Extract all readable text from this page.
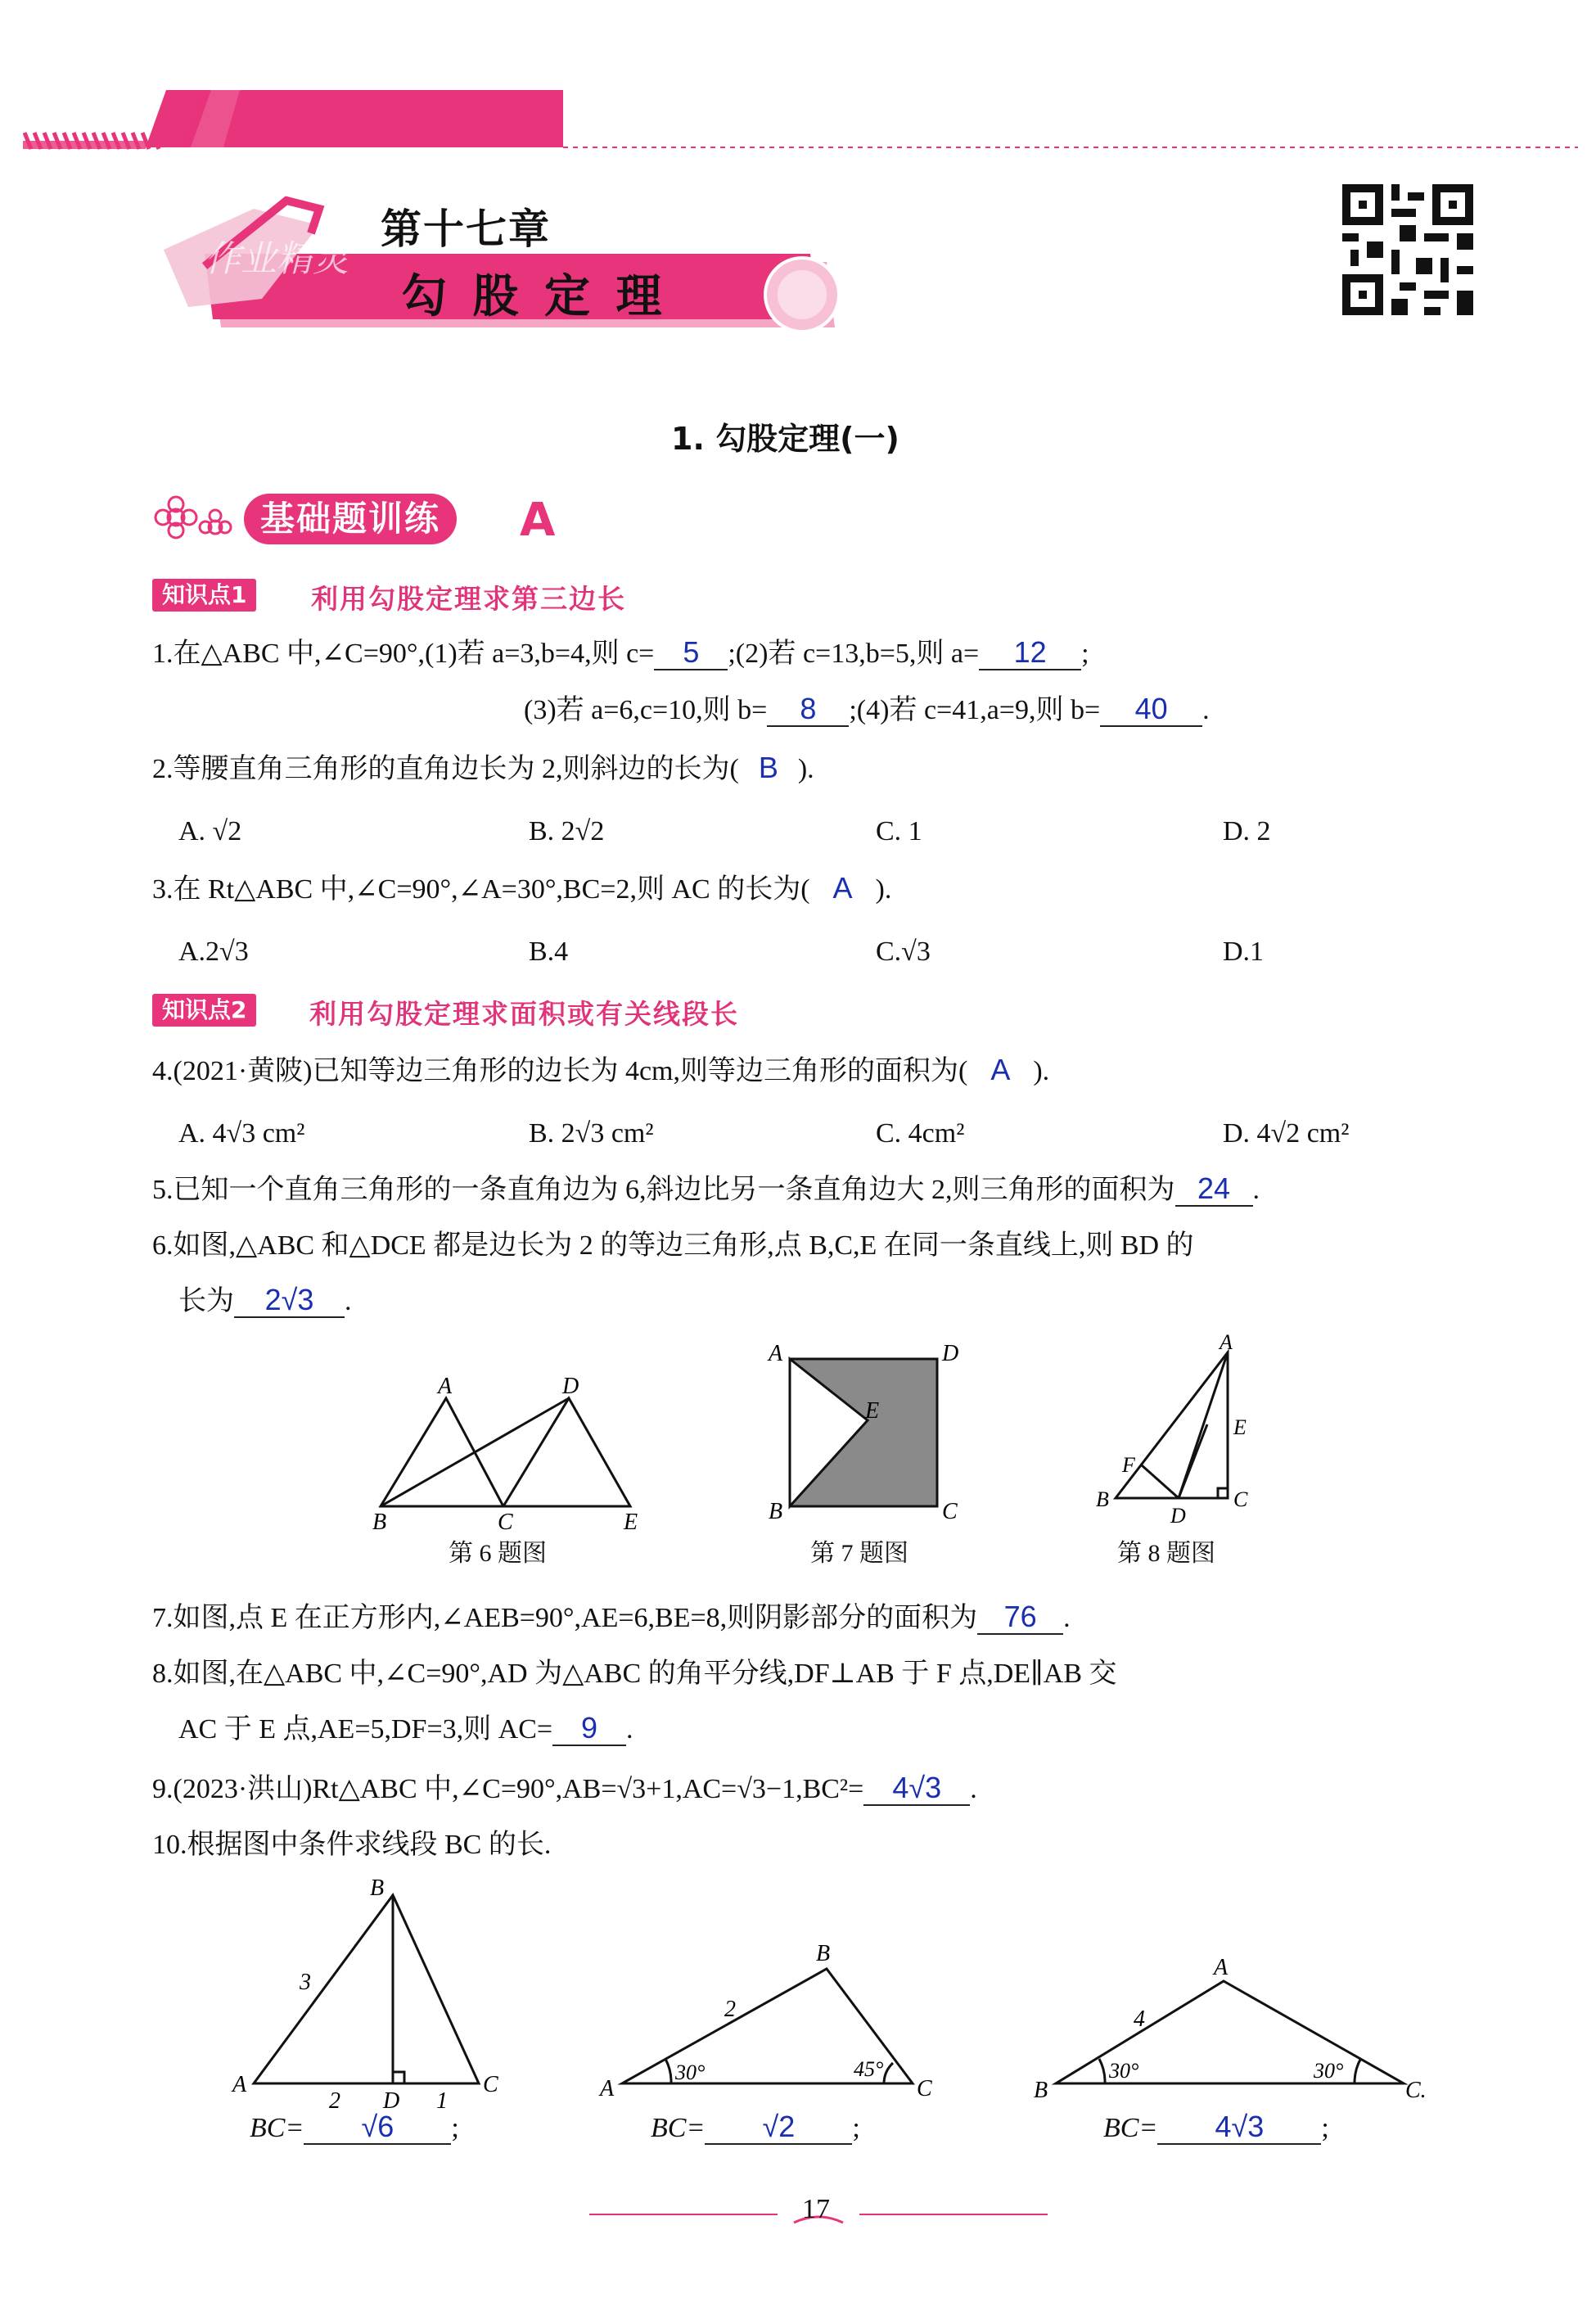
第十七章
勾 股 定 理
作业精灵
1. 勾股定理(一)
基础题训练	A
知识点1	利用勾股定理求第三边长
1.在△ABC 中,∠C=90°,(1)若 a=3,b=4,则 c= 5 ;(2)若 c=13,b=5,则 a= 12 ;
(3)若 a=6,c=10,则 b= 8 ;(4)若 c=41,a=9,则 b= 40 .
2.等腰直角三角形的直角边长为 2,则斜边的长为( B ).
A. √2	B. 2√2	C. 1	D. 2
3.在 Rt△ABC 中,∠C=90°,∠A=30°,BC=2,则 AC 的长为( A ).
A.2√3	B.4	C.√3	D.1
知识点2	利用勾股定理求面积或有关线段长
4.(2021·黄陂)已知等边三角形的边长为 4cm,则等边三角形的面积为( A ).
A. 4√3 cm²	B. 2√3 cm²	C. 4cm²	D. 4√2 cm²
5.已知一个直角三角形的一条直角边为 6,斜边比另一条直角边大 2,则三角形的面积为 24 .
6.如图,△ABC 和△DCE 都是边长为 2 的等边三角形,点 B,C,E 在同一条直线上,则 BD 的
长为 2√3 .
A	D
B	C	E
第 6 题图
A	D
E
B	C
第 7 题图
A
E
F
B
D
C
第 8 题图
7.如图,点 E 在正方形内,∠AEB=90°,AE=6,BE=8,则阴影部分的面积为 76 .
8.如图,在△ABC 中,∠C=90°,AD 为△ABC 的角平分线,DF⊥AB 于 F 点,DE∥AB 交
AC 于 E 点,AE=5,DF=3,则 AC= 9 .
9.(2023·洪山)Rt△ABC 中,∠C=90°,AB=√3+1,AC=√3−1,BC²= 4√3 .
10.根据图中条件求线段 BC 的长.
B
3
A
2 D 1
C
BC= √6 ;
B
2
A
30°	45°
C
BC= √2 ;
A
4
B
30°	30°
C.
BC= 4√3 ;
17
